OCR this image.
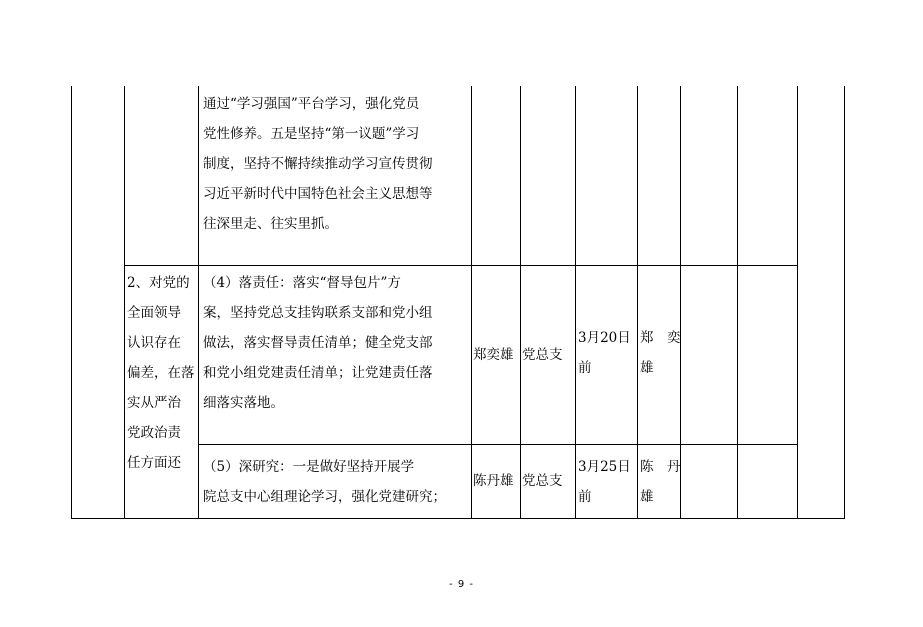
通过“学习强国”平台学习，强化党员
党性修养。五是坚持“第一议题”学习
制度，坚持不懈持续推动学习宣传贯彻
习近平新时代中国特色社会主义思想等
往深里走、往实里抓。
2、对党的
全面领导
认识存在
偏差，在落
实从严治
党政治责
任方面还
（4）落责任：落实“督导包片”方
案，坚持党总支挂钩联系支部和党小组
做法，落实督导责任清单；健全党支部
和党小组党建责任清单；让党建责任落
细落实落地。
郑奕雄 党总支
3月20日
前
郑　奕
雄
（5）深研究：一是做好坚持开展学
院总支中心组理论学习，强化党建研究；
陈丹雄 党总支
3月25日
前
陈　丹
雄
- 9 -
